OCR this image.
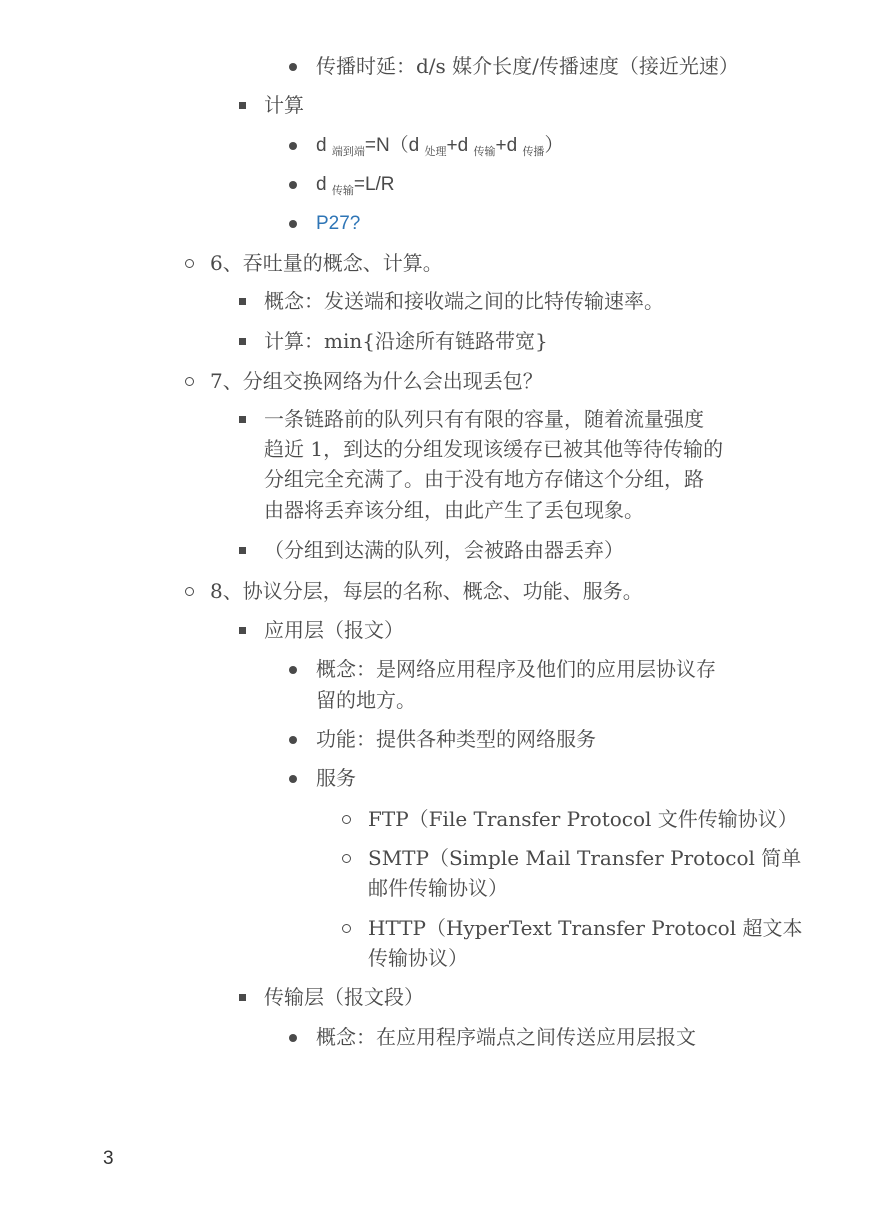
传播时延：d/s 媒介长度/传播速度（接近光速）
计算
d $_{端到端}$=N（d $_{处理}$+d $_{传输}$+d $_{传播}$）
d $_{传输}$=L/R
P27?
6、吞吐量的概念、计算。
概念：发送端和接收端之间的比特传输速率。
计算：min{沿途所有链路带宽}
7、分组交换网络为什么会出现丢包？
一条链路前的队列只有有限的容量，随着流量强度
趋近 1，到达的分组发现该缓存已被其他等待传输的
分组完全充满了。由于没有地方存储这个分组，路
由器将丢弃该分组，由此产生了丢包现象。
（分组到达满的队列，会被路由器丢弃）
8、协议分层，每层的名称、概念、功能、服务。
应用层（报文）
概念：是网络应用程序及他们的应用层协议存
留的地方。
功能：提供各种类型的网络服务
服务
FTP（File Transfer Protocol 文件传输协议）
SMTP（Simple Mail Transfer Protocol 简单
邮件传输协议）
HTTP（HyperText Transfer Protocol 超文本
传输协议）
传输层（报文段）
概念：在应用程序端点之间传送应用层报文
3
